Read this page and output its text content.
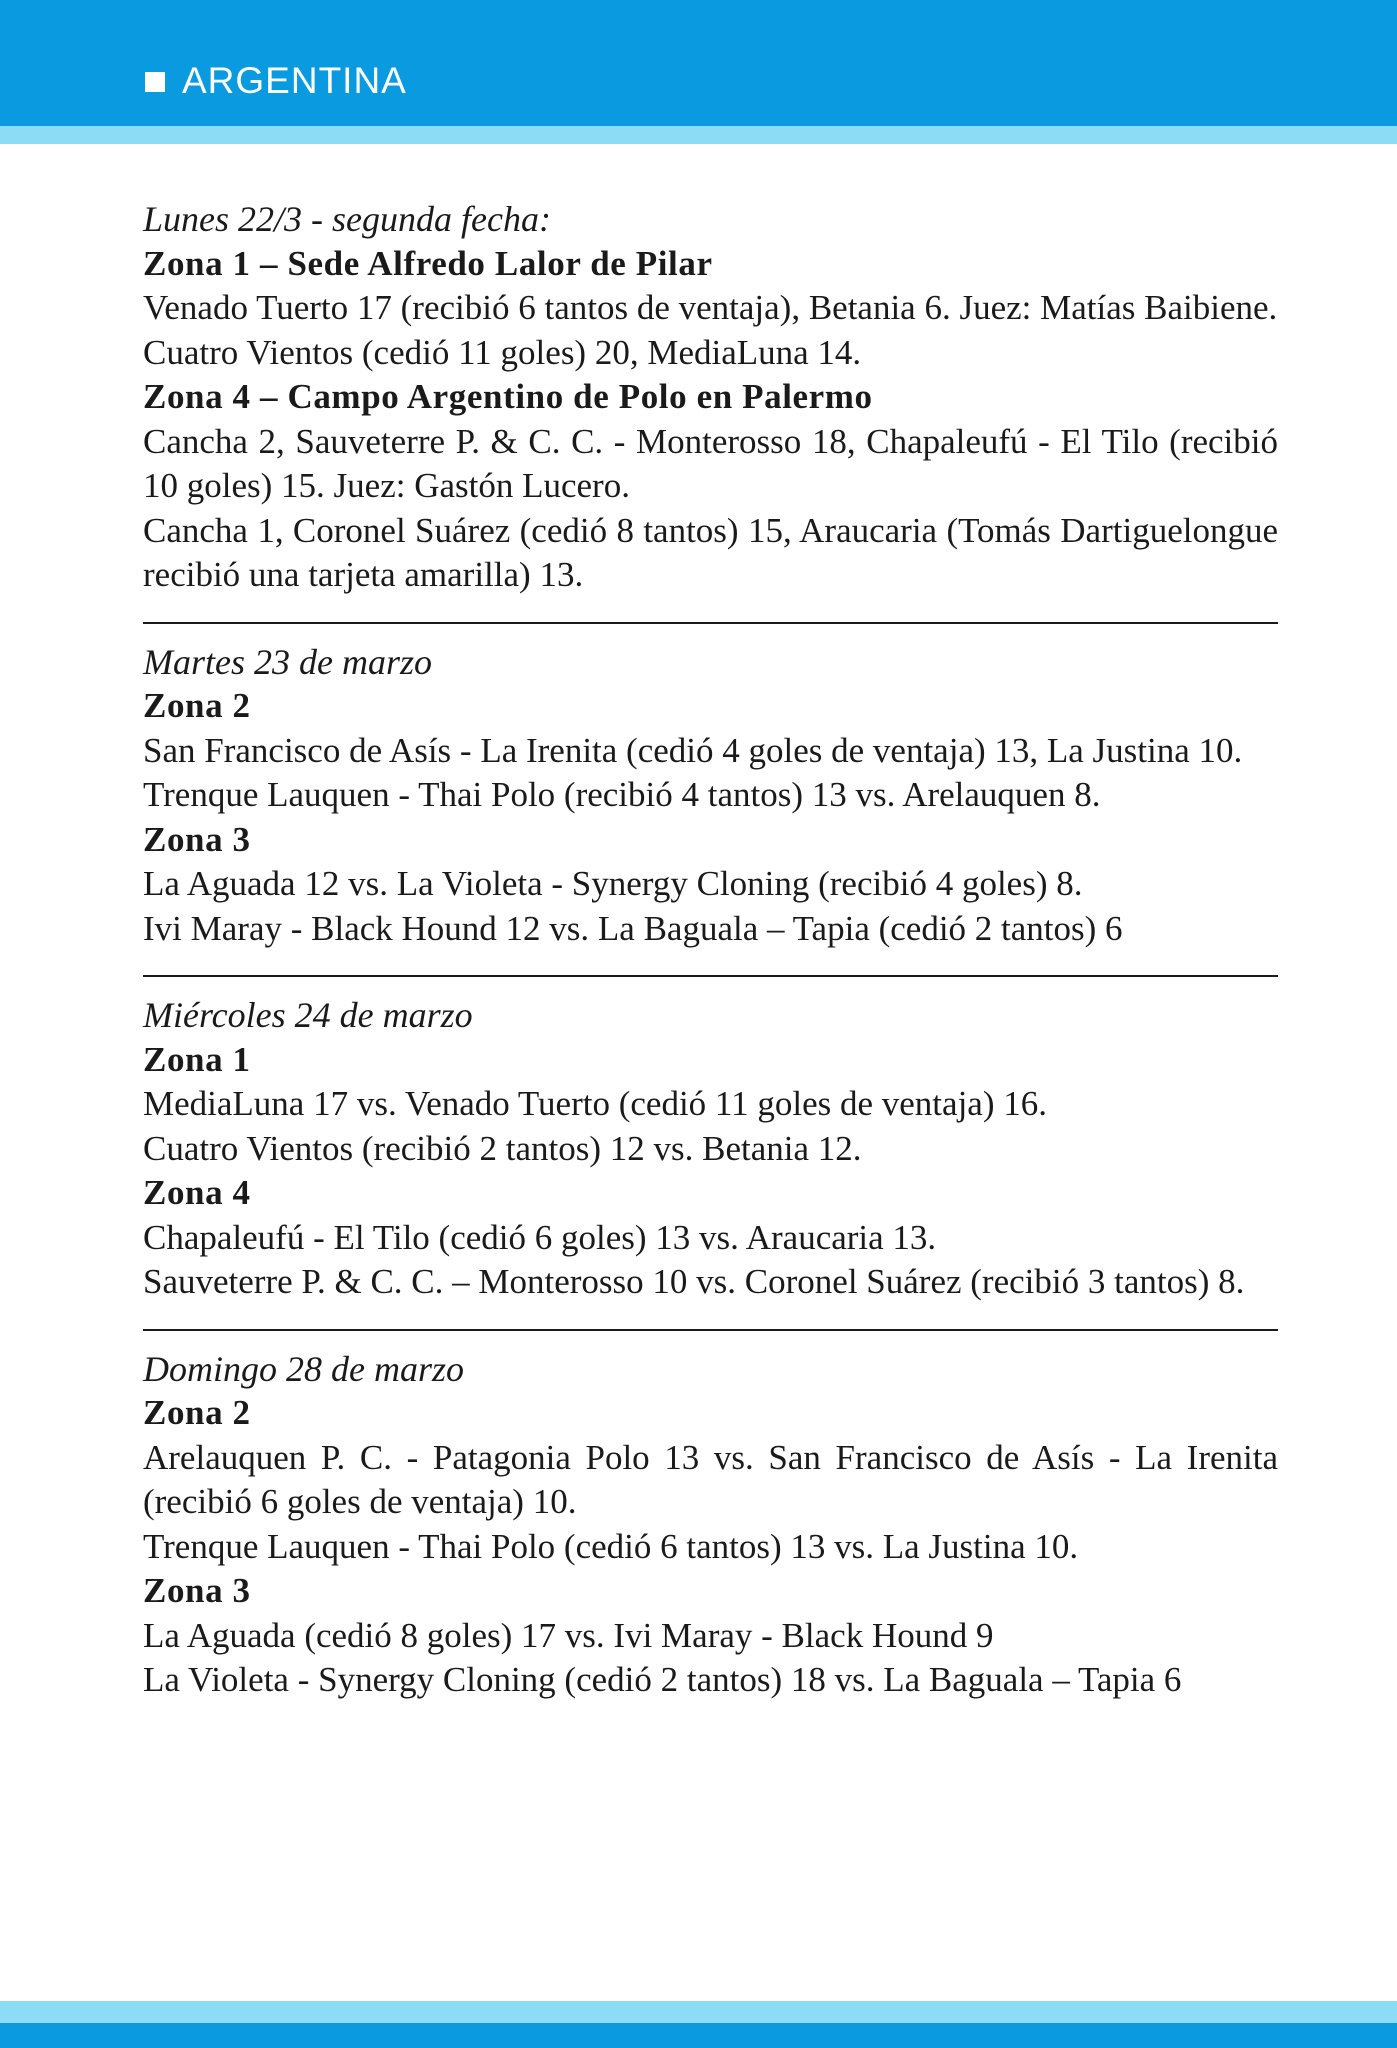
ARGENTINA
Lunes 22/3 - segunda fecha:
Zona 1 – Sede Alfredo Lalor de Pilar
Venado Tuerto 17 (recibió 6 tantos de ventaja), Betania 6. Juez: Matías Baibiene.
Cuatro Vientos (cedió 11 goles) 20, MediaLuna 14.
Zona 4 – Campo Argentino de Polo en Palermo
Cancha 2, Sauveterre P. & C. C. - Monterosso 18, Chapaleufú - El Tilo (recibió 10 goles) 15. Juez: Gastón Lucero.
Cancha 1, Coronel Suárez (cedió 8 tantos) 15, Araucaria (Tomás Dartiguelongue recibió una tarjeta amarilla) 13.
Martes 23 de marzo
Zona 2
San Francisco de Asís - La Irenita (cedió 4 goles de ventaja) 13, La Justina 10.
Trenque Lauquen - Thai Polo (recibió 4 tantos) 13 vs. Arelauquen 8.
Zona 3
La Aguada 12 vs. La Violeta - Synergy Cloning (recibió 4 goles) 8.
Ivi Maray - Black Hound 12 vs. La Baguala – Tapia (cedió 2 tantos) 6
Miércoles 24 de marzo
Zona 1
MediaLuna 17 vs. Venado Tuerto (cedió 11 goles de ventaja) 16.
Cuatro Vientos (recibió 2 tantos) 12 vs. Betania 12.
Zona 4
Chapaleufú - El Tilo (cedió 6 goles) 13 vs. Araucaria 13.
Sauveterre P. & C. C. – Monterosso 10 vs. Coronel Suárez (recibió 3 tantos) 8.
Domingo 28 de marzo
Zona 2
Arelauquen P. C. - Patagonia Polo 13 vs. San Francisco de Asís - La Irenita (recibió 6 goles de ventaja) 10.
Trenque Lauquen - Thai Polo (cedió 6 tantos) 13 vs. La Justina 10.
Zona 3
La Aguada (cedió 8 goles) 17 vs. Ivi Maray - Black Hound 9
La Violeta - Synergy Cloning (cedió 2 tantos) 18 vs. La Baguala – Tapia 6
